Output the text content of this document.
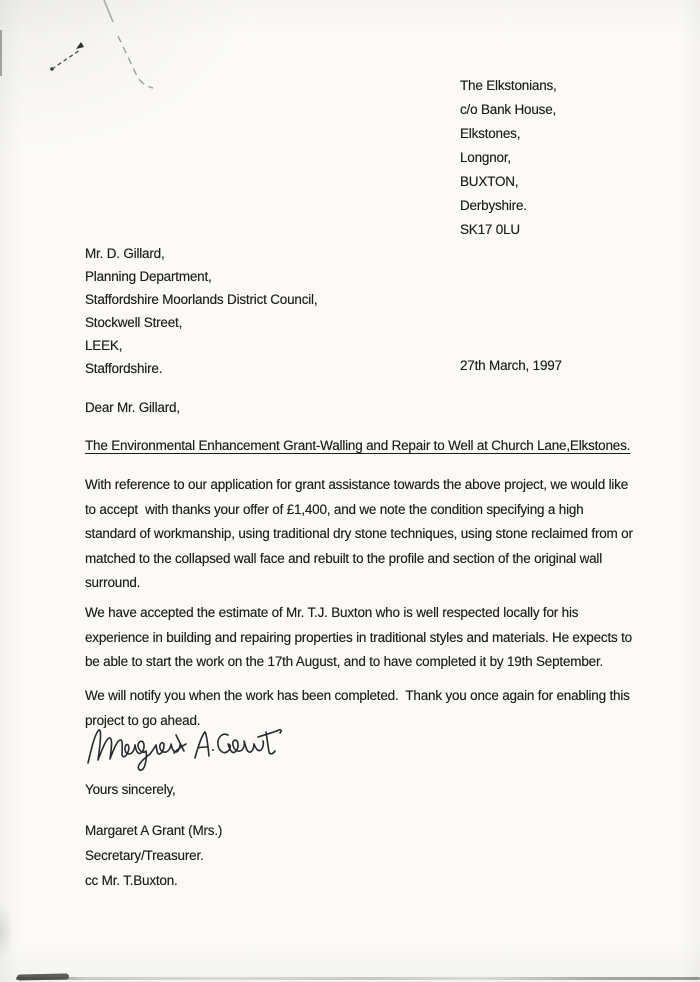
The Elkstonians,
c/o Bank House,
Elkstones,
Longnor,
BUXTON,
Derbyshire.
SK17 0LU
Mr. D. Gillard,
Planning Department,
Staffordshire Moorlands District Council,
Stockwell Street,
LEEK,
Staffordshire.	27th March, 1997
Dear Mr. Gillard,
The Environmental Enhancement Grant-Walling and Repair to Well at Church Lane,Elkstones.
With reference to our application for grant assistance towards the above project, we would like
to accept  with thanks your offer of £1,400, and we note the condition specifying a high
standard of workmanship, using traditional dry stone techniques, using stone reclaimed from or
matched to the collapsed wall face and rebuilt to the profile and section of the original wall
surround.
We have accepted the estimate of Mr. T.J. Buxton who is well respected locally for his
experience in building and repairing properties in traditional styles and materials. He expects to
be able to start the work on the 17th August, and to have completed it by 19th September.
We will notify you when the work has been completed.  Thank you once again for enabling this
project to go ahead.
Yours sincerely,
Margaret A Grant (Mrs.)
Secretary/Treasurer.
cc Mr. T.Buxton.
